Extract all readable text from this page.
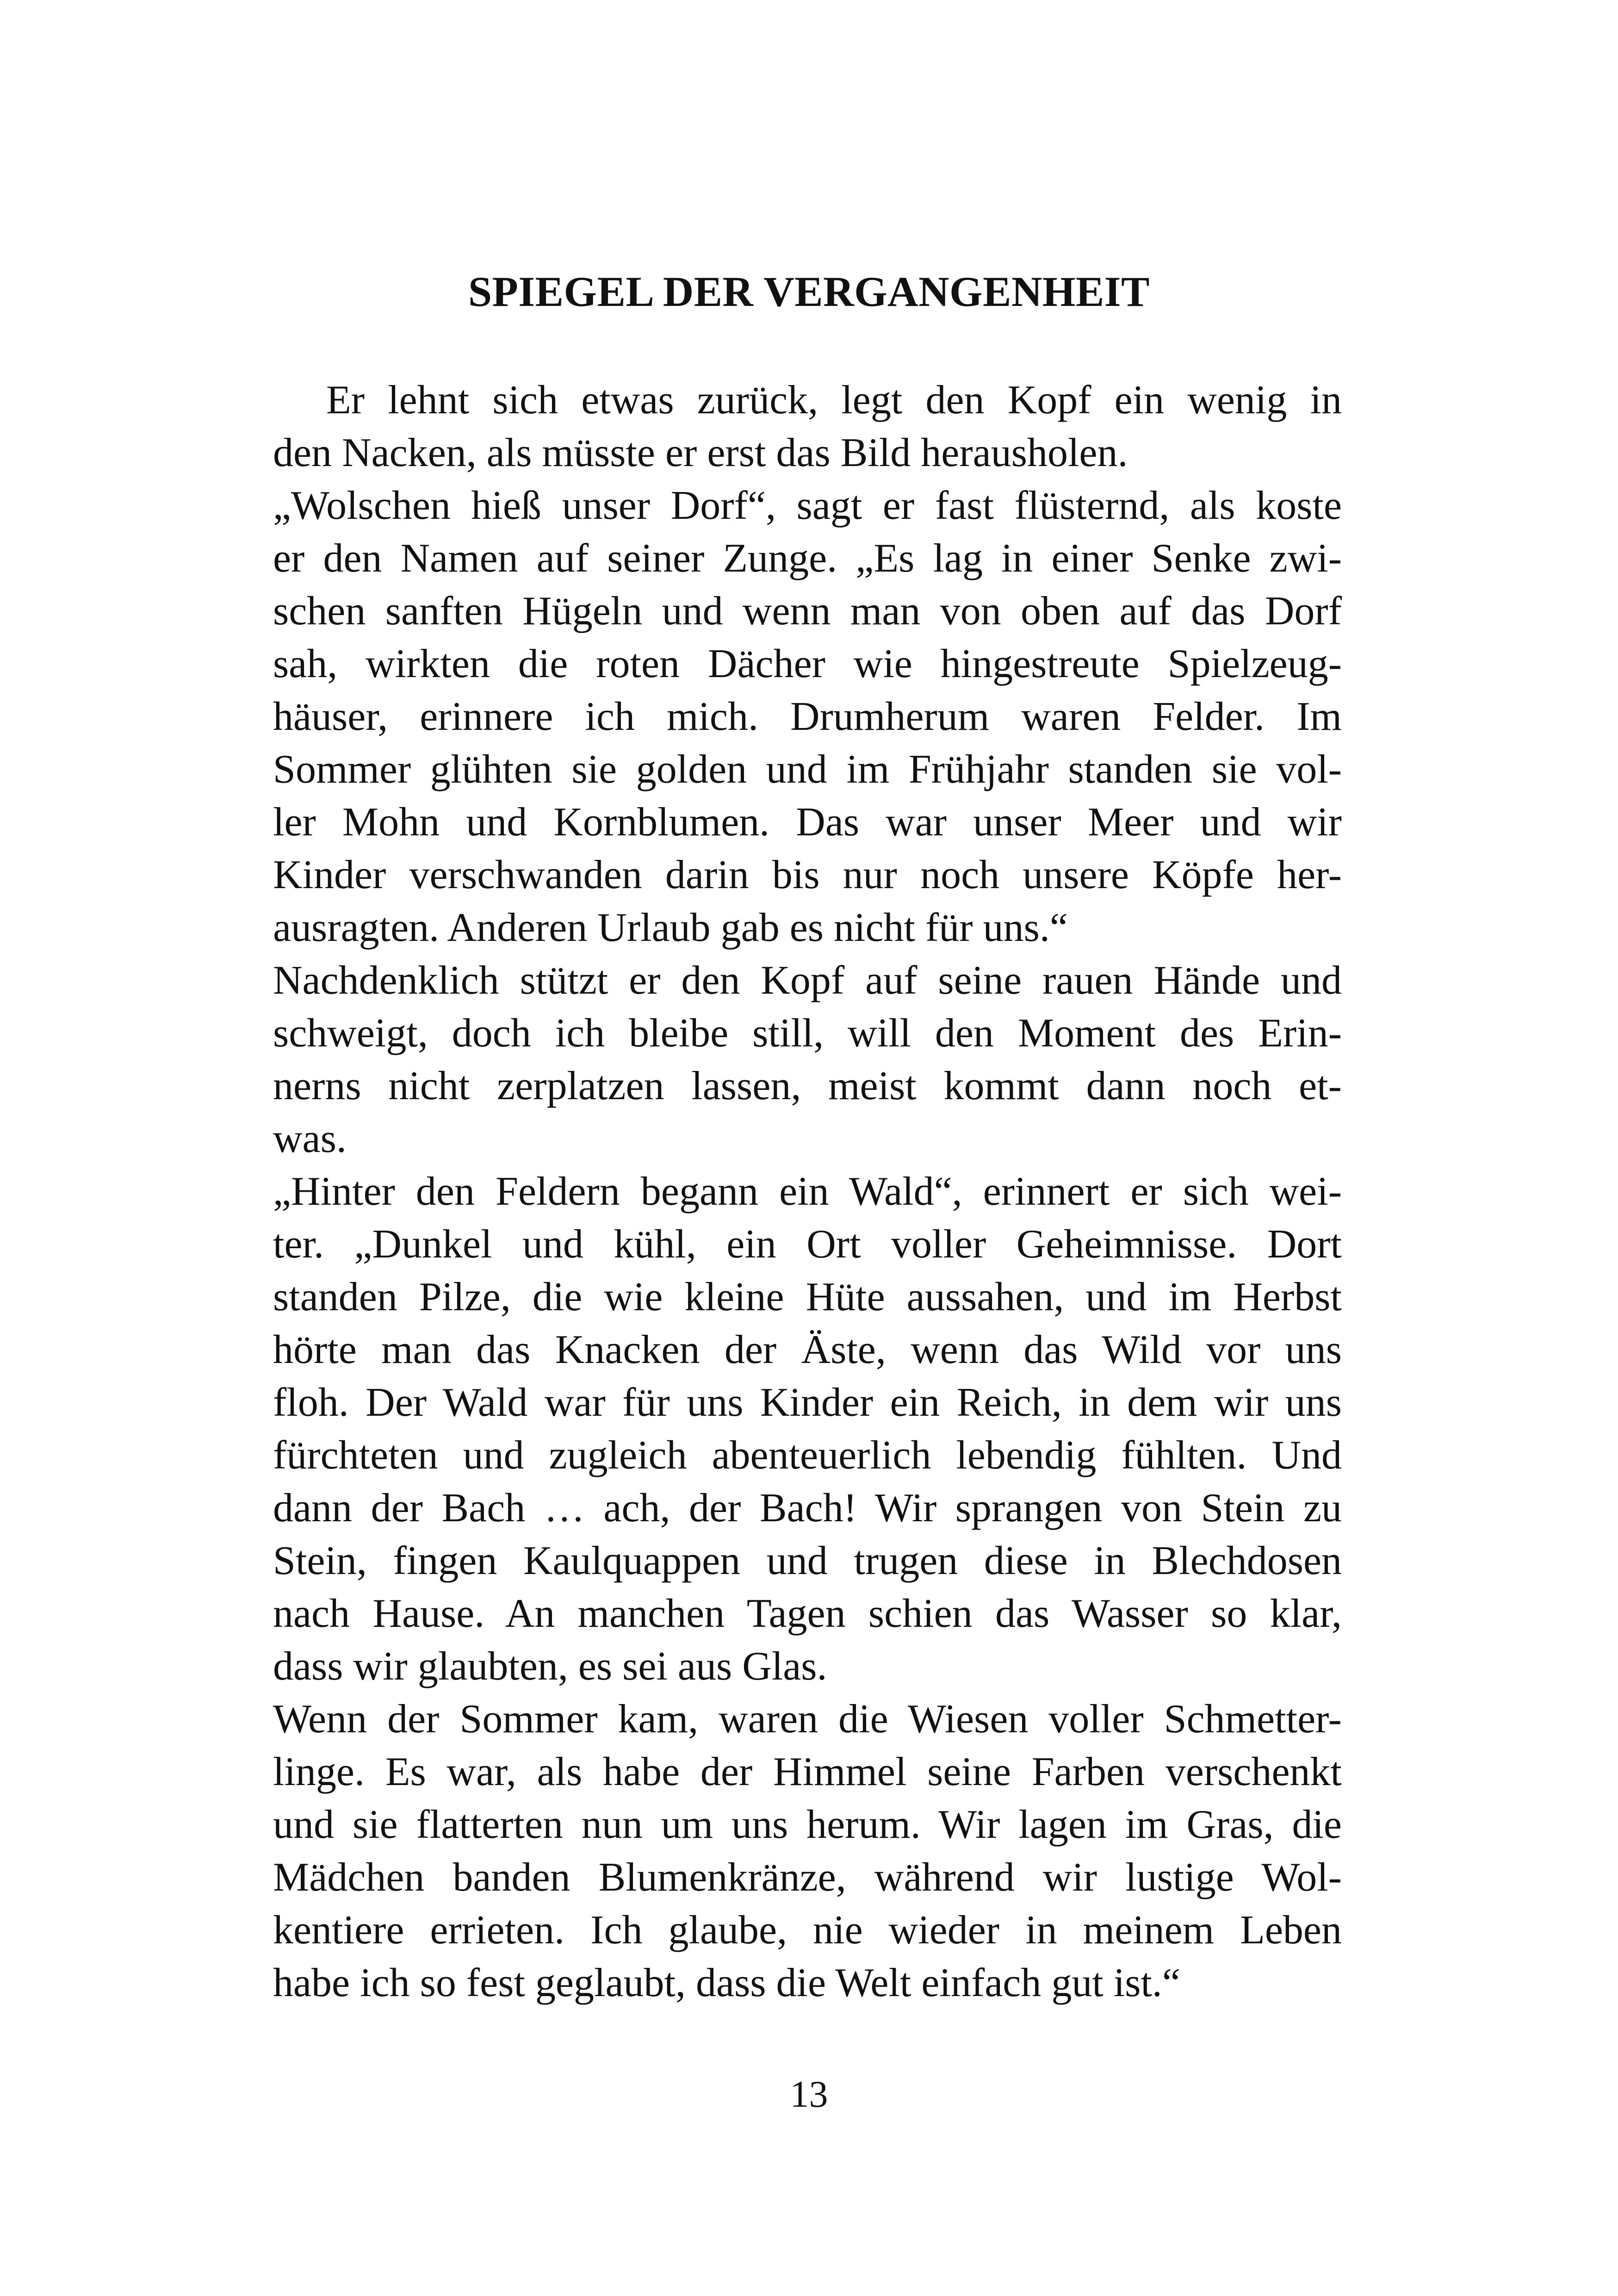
SPIEGEL DER VERGANGENHEIT
Er lehnt sich etwas zurück, legt den Kopf ein wenig in
den Nacken, als müsste er erst das Bild herausholen.
„Wolschen hieß unser Dorf“, sagt er fast flüsternd, als koste
er den Namen auf seiner Zunge. „Es lag in einer Senke zwi-
schen sanften Hügeln und wenn man von oben auf das Dorf
sah, wirkten die roten Dächer wie hingestreute Spielzeug-
häuser, erinnere ich mich. Drumherum waren Felder. Im
Sommer glühten sie golden und im Frühjahr standen sie vol-
ler Mohn und Kornblumen. Das war unser Meer und wir
Kinder verschwanden darin bis nur noch unsere Köpfe her-
ausragten. Anderen Urlaub gab es nicht für uns.“
Nachdenklich stützt er den Kopf auf seine rauen Hände und
schweigt, doch ich bleibe still, will den Moment des Erin-
nerns nicht zerplatzen lassen, meist kommt dann noch et-
was.
„Hinter den Feldern begann ein Wald“, erinnert er sich wei-
ter. „Dunkel und kühl, ein Ort voller Geheimnisse. Dort
standen Pilze, die wie kleine Hüte aussahen, und im Herbst
hörte man das Knacken der Äste, wenn das Wild vor uns
floh. Der Wald war für uns Kinder ein Reich, in dem wir uns
fürchteten und zugleich abenteuerlich lebendig fühlten. Und
dann der Bach … ach, der Bach! Wir sprangen von Stein zu
Stein, fingen Kaulquappen und trugen diese in Blechdosen
nach Hause. An manchen Tagen schien das Wasser so klar,
dass wir glaubten, es sei aus Glas.
Wenn der Sommer kam, waren die Wiesen voller Schmetter-
linge. Es war, als habe der Himmel seine Farben verschenkt
und sie flatterten nun um uns herum. Wir lagen im Gras, die
Mädchen banden Blumenkränze, während wir lustige Wol-
kentiere errieten. Ich glaube, nie wieder in meinem Leben
habe ich so fest geglaubt, dass die Welt einfach gut ist.“
13
